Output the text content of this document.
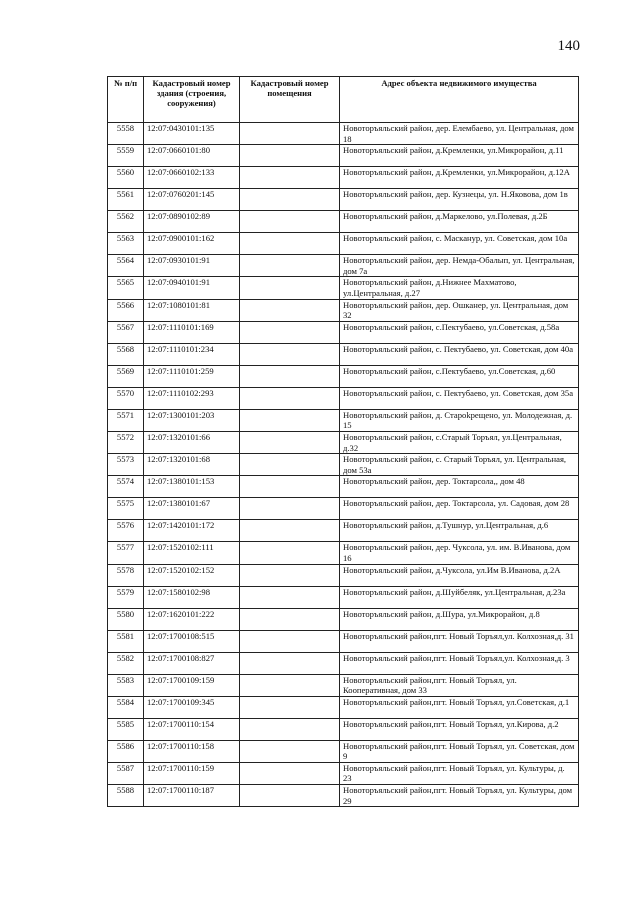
140
№ п/п	Кадастровый номер здания (строения, сооружения)	Кадастровый номер помещения	Адрес объекта недвижимого имущества
5558	12:07:0430101:135		Новоторъяльский район, дер. Елембаево, ул. Центральная, дом 18
5559	12:07:0660101:80		Новоторъяльский район, д.Кремленки, ул.Микрорайон, д.11
5560	12:07:0660102:133		Новоторъяльский район, д.Кремленки, ул.Микрорайон, д.12А
5561	12:07:0760201:145		Новоторъяльский район, дер. Кузнецы, ул. Н.Яковова, дом 1в
5562	12:07:0890102:89		Новоторъяльский район, д.Маркелово, ул.Полевая, д.2Б
5563	12:07:0900101:162		Новоторъяльский район, с. Масканур, ул. Советская, дом 10а
5564	12:07:0930101:91		Новоторъяльский район, дер. Немда-Обалып, ул. Центральная, дом 7а
5565	12:07:0940101:91		Новоторъяльский район, д.Нижнее Махматово, ул.Центральная, д.27
5566	12:07:1080101:81		Новоторъяльский район, дер. Ошканер, ул. Центральная, дом 32
5567	12:07:1110101:169		Новоторъяльский район, с.Пектубаево, ул.Советская, д.58а
5568	12:07:1110101:234		Новоторъяльский район, с. Пектубаево, ул. Советская, дом 40а
5569	12:07:1110101:259		Новоторъяльский район, с.Пектубаево, ул.Советская, д.60
5570	12:07:1110102:293		Новоторъяльский район, с. Пектубаево, ул. Советская, дом 35а
5571	12:07:1300101:203		Новоторъяльский район, д. Староkрещено, ул. Молодежная, д. 15
5572	12:07:1320101:66		Новоторъяльский район, с.Старый Торъял, ул.Центральная, д.32
5573	12:07:1320101:68		Новоторъяльский район, с. Старый Торъял, ул. Центральная, дом 53а
5574	12:07:1380101:153		Новоторъяльский район, дер. Токтарсола,, дом 48
5575	12:07:1380101:67		Новоторъяльский район, дер. Токтарсола, ул. Садовая, дом 28
5576	12:07:1420101:172		Новоторъяльский район, д.Тушнур, ул.Центральная, д.6
5577	12:07:1520102:111		Новоторъяльский район, дер. Чуксола, ул. им. В.Иванова, дом 16
5578	12:07:1520102:152		Новоторъяльский район, д.Чуксола, ул.Им В.Иванова, д.2А
5579	12:07:1580102:98		Новоторъяльский район, д.Шуйбеляк, ул.Центральная, д.23а
5580	12:07:1620101:222		Новоторъяльский район, д.Шура, ул.Микрорайон, д.8
5581	12:07:1700108:515		Новоторъяльский район,пгт. Новый Торъял,ул. Колхозная,д. 31
5582	12:07:1700108:827		Новоторъяльский район,пгт. Новый Торъял,ул. Колхозная,д. 3
5583	12:07:1700109:159		Новоторъяльский район,пгт. Новый Торъял, ул. Кооперативная, дом 33
5584	12:07:1700109:345		Новоторъяльский район,пгт. Новый Торъял, ул.Советская, д.1
5585	12:07:1700110:154		Новоторъяльский район,пгт. Новый Торъял, ул.Кирова, д.2
5586	12:07:1700110:158		Новоторъяльский район,пгт. Новый Торъял, ул. Советская, дом 9
5587	12:07:1700110:159		Новоторъяльский район,пгт. Новый Торъял, ул. Культуры, д. 23
5588	12:07:1700110:187		Новоторъяльский район,пгт. Новый Торъял, ул. Культуры, дом 29
